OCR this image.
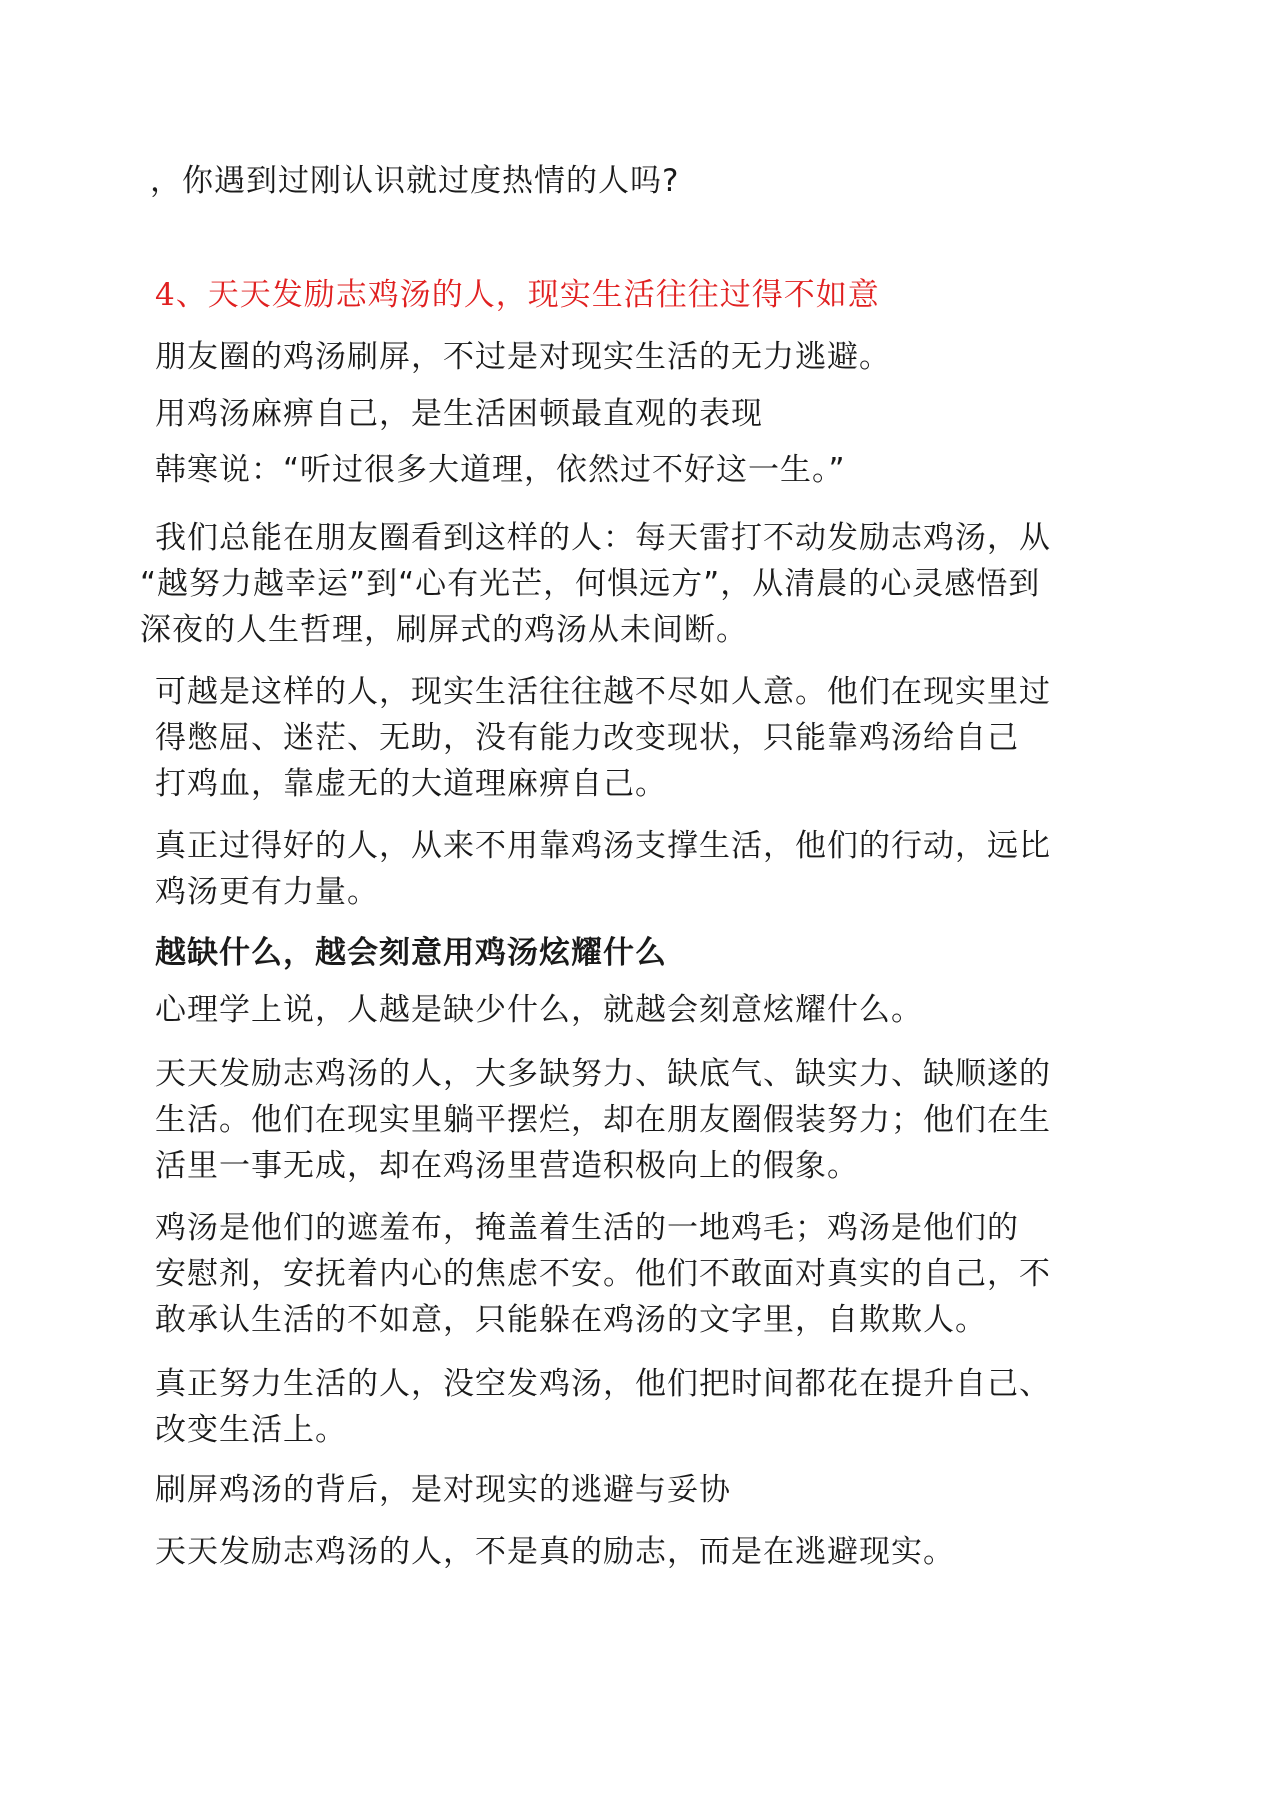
，你遇到过刚认识就过度热情的人吗?

4、天天发励志鸡汤的人，现实生活往往过得不如意

朋友圈的鸡汤刷屏，不过是对现实生活的无力逃避。

用鸡汤麻痹自己，是生活困顿最直观的表现

韩寒说：“听过很多大道理，依然过不好这一生。”

我们总能在朋友圈看到这样的人：每天雷打不动发励志鸡汤，从

“越努力越幸运”到“心有光芒，何惧远方”，从清晨的心灵感悟到

深夜的人生哲理，刷屏式的鸡汤从未间断。

可越是这样的人，现实生活往往越不尽如人意。他们在现实里过

得憋屈、迷茫、无助，没有能力改变现状，只能靠鸡汤给自己

打鸡血，靠虚无的大道理麻痹自己。

真正过得好的人，从来不用靠鸡汤支撑生活，他们的行动，远比

鸡汤更有力量。

越缺什么，越会刻意用鸡汤炫耀什么

心理学上说，人越是缺少什么，就越会刻意炫耀什么。

天天发励志鸡汤的人，大多缺努力、缺底气、缺实力、缺顺遂的

生活。他们在现实里躺平摆烂，却在朋友圈假装努力；他们在生

活里一事无成，却在鸡汤里营造积极向上的假象。

鸡汤是他们的遮羞布，掩盖着生活的一地鸡毛；鸡汤是他们的

安慰剂，安抚着内心的焦虑不安。他们不敢面对真实的自己，不

敢承认生活的不如意，只能躲在鸡汤的文字里，自欺欺人。

真正努力生活的人，没空发鸡汤，他们把时间都花在提升自己、

改变生活上。

刷屏鸡汤的背后，是对现实的逃避与妥协

天天发励志鸡汤的人，不是真的励志，而是在逃避现实。
